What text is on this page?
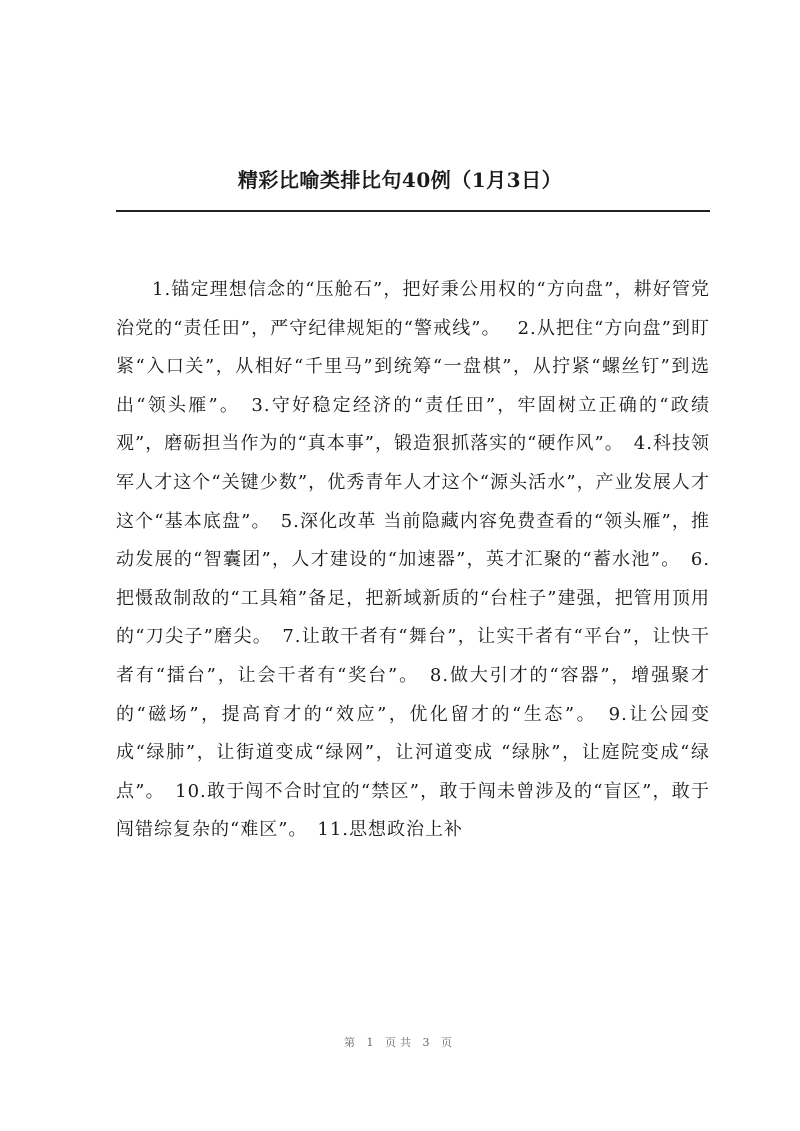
精彩比喻类排比句40例（1月3日）

1.锚定理想信念的“压舱石”，把好秉公用权的“方向盘”，耕好管党治党的“责任田”，严守纪律规矩的“警戒线”。　 2.从把住“方向盘”到盯紧“入口关”，从相好“千里马”到统筹“一盘棋”，从拧紧“螺丝钉”到选出“领头雁”。　3.守好稳定经济的“责任田”，牢固树立正确的“政绩观”，磨砺担当作为的“真本事”，锻造狠抓落实的“硬作风”。　4.科技领军人才这个“关键少数”，优秀青年人才这个“源头活水”，产业发展人才这个“基本底盘”。　5.深化改革 当前隐藏内容免费查看的“领头雁”，推动发展的“智囊团”，人才建设的“加速器”，英才汇聚的“蓄水池”。　6.把慑敌制敌的“工具箱”备足，把新域新质的“台柱子”建强，把管用顶用的“刀尖子”磨尖。　7.让敢干者有“舞台”，让实干者有“平台”，让快干者有“擂台”，让会干者有“奖台”。　8.做大引才的“容器”，增强聚才的“磁场”，提高育才的“效应”，优化留才的“生态”。　9.让公园变成“绿肺”，让街道变成“绿网”，让河道变成 “绿脉”，让庭院变成“绿点”。　10.敢于闯不合时宜的“禁区”，敢于闯未曾涉及的“盲区”，敢于闯错综复杂的“难区”。　11.思想政治上补

第 1 页共 3 页
